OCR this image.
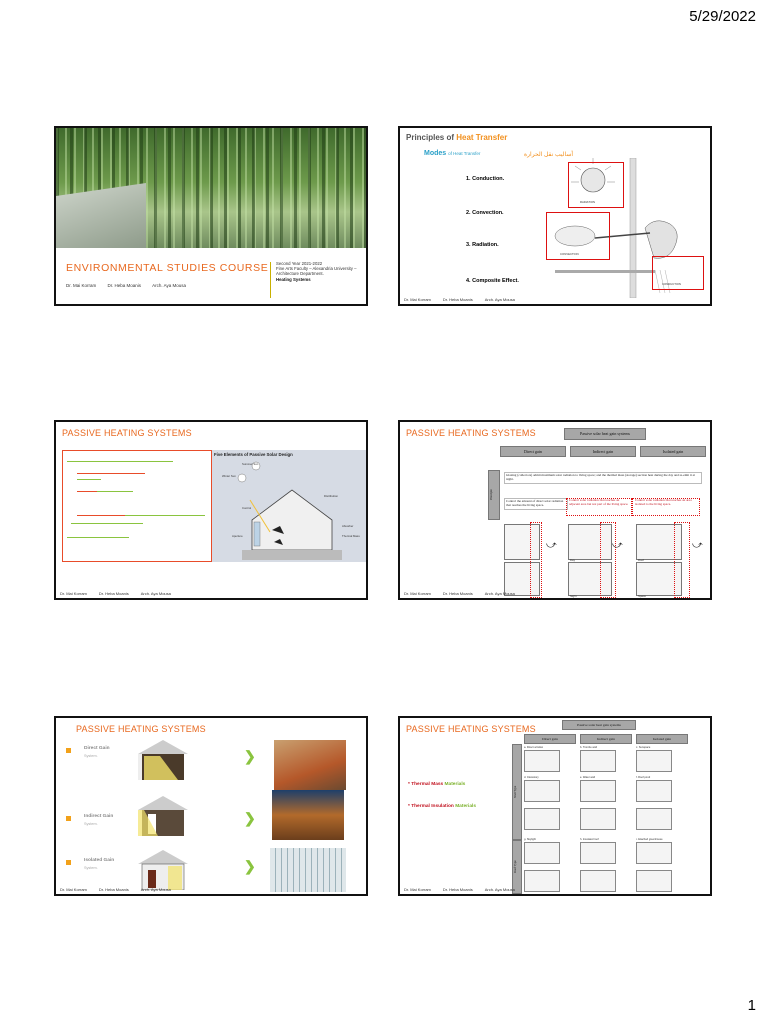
5/29/2022
ENVIRONMENTAL STUDIES COURSE
Dr. Mai Korram	Dr. Heba Moanis Arch. Aya Mousa
Second Year 2021-2022
Fine Arts Faculty – Alexandria University – Architecture Department.
Heating Systems
Principles of Heat Transfer
Modes of Heat Transfer	أساليب نقل الحرارة
1. Conduction.
2. Convection.
3. Radiation.
4. Composite Effect.
RADIATION
CONVECTION
CONDUCTION
Dr. Mai Korram	Dr. Heba Moanis	Arch. Aya Mousa
PASSIVE HEATING SYSTEMS
Five Elements of Passive Solar Design
Summer Sun
Winter Sun
Control
Distribution
Absorber
Thermal Mass
Aperture
Dr. Mai Korram	Dr. Heba Moanis	Arch. Aya Mousa
PASSIVE HEATING SYSTEMS	Passive solar heat gain systems
Direct gain	Indirect gain	Isolated gain
Principle
Glazing (collectors) admit maximum solar radiation to living space; and the thermal mass (storage) section heat during the day and re-emit it at night.
Control the amount of direct solar radiation that reaches the living space.
Control solar radiation that reaches an adjacent area but not part of the living space.
Control solar radiation that reaches an area isolated to the living space.
⤻	⤻	⤻
Day
Night
Roof
Space
Dr. Mai Korram	Dr. Heba Moanis	Arch. Aya Mousa
PASSIVE HEATING SYSTEMS
Direct Gain
System.	❯
Indirect Gain
System.	❯
Isolated Gain
System.	❯
Dr. Mai Korram	Dr. Heba Moanis	Arch. Aya Mousa
PASSIVE HEATING SYSTEMS	Passive solar heat gain systems
Direct gain	Indirect gain	Isolated gain
Wall Type
Roof Type
* Thermal Mass Materials
* Thermal Insulation Materials
a. Direct window	b. Trombe wall	c. Sunspace
d. Clerestory	e. Water wall	f. Roof pond
g. Skylight	h. Insulated roof	i. Attached greenhouse
Dr. Mai Korram	Dr. Heba Moanis	Arch. Aya Mousa
1
